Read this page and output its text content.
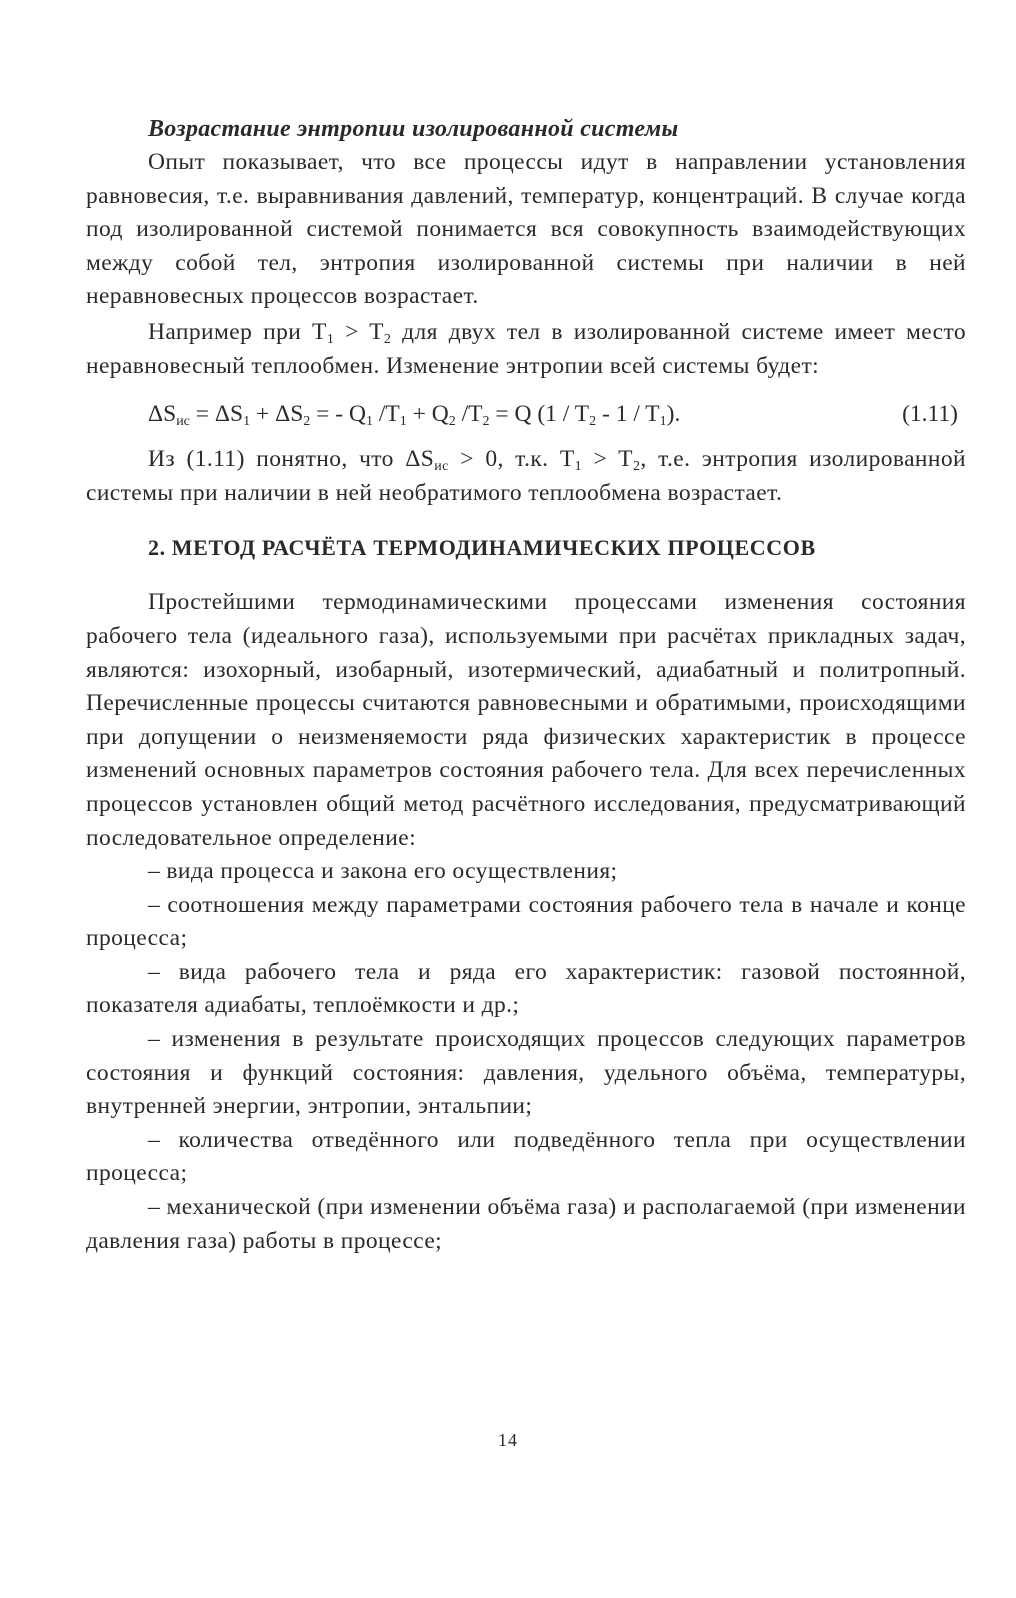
Возрастание энтропии изолированной системы

Опыт показывает, что все процессы идут в направлении установления равновесия, т.е. выравнивания давлений, температур, концентраций. В случае когда под изолированной системой понимается вся совокупность взаимодействующих между собой тел, энтропия изолированной системы при наличии в ней неравновесных процессов возрастает.

Например при $T_1 > T_2$ для двух тел в изолированной системе имеет место неравновесный теплообмен. Изменение энтропии всей системы будет:

$\Delta S_{ис} = \Delta S_1 + \Delta S_2$ = - $Q_1$ $/T_1 + Q_2$ $/T_2 = Q$ $(1 / T_2 - 1 / T_1)$.	(1.11)

Из (1.11) понятно, что $\Delta S_{ис} > 0$, т.к. $T_1 > T_2$, т.е. энтропия изолированной системы при наличии в ней необратимого теплообмена возрастает.

2. МЕТОД РАСЧЁТА ТЕРМОДИНАМИЧЕСКИХ ПРОЦЕССОВ

Простейшими термодинамическими процессами изменения состояния рабочего тела (идеального газа), используемыми при расчётах прикладных задач, являются: изохорный, изобарный, изотермический, адиабатный и политропный. Перечисленные процессы считаются равновесными и обратимыми, происходящими при допущении о неизменяемости ряда физических характеристик в процессе изменений основных параметров состояния рабочего тела. Для всех перечисленных процессов установлен общий метод расчётного исследования, предусматривающий последовательное определение:

– вида процесса и закона его осуществления;

– соотношения между параметрами состояния рабочего тела в начале и конце процесса;

– вида рабочего тела и ряда его характеристик: газовой постоянной, показателя адиабаты, теплоёмкости и др.;

– изменения в результате происходящих процессов следующих параметров состояния и функций состояния: давления, удельного объёма, температуры, внутренней энергии, энтропии, энтальпии;

– количества отведённого или подведённого тепла при осуществлении процесса;

– механической (при изменении объёма газа) и располагаемой (при изменении давления газа) работы в процессе;

14
